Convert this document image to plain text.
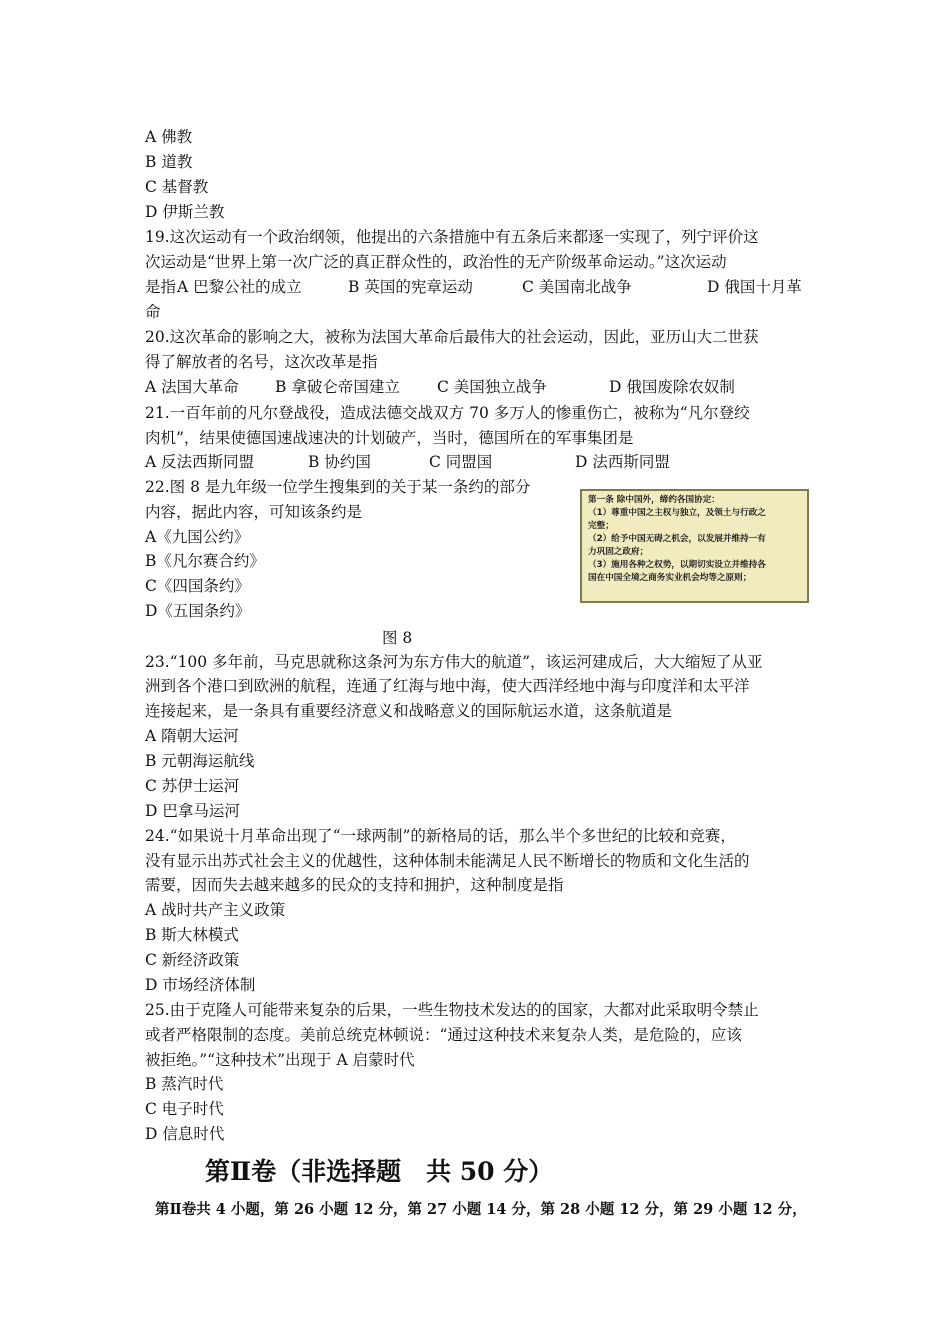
A 佛教
B 道教
C 基督教
D 伊斯兰教
19.这次运动有一个政治纲领，他提出的六条措施中有五条后来都逐一实现了，列宁评价这
次运动是“世界上第一次广泛的真正群众性的，政治性的无产阶级革命运动。”这次运动
是指 A 巴黎公社的成立	B 英国的宪章运动	C 美国南北战争	D 俄国十月革
命
20.这次革命的影响之大，被称为法国大革命后最伟大的社会运动，因此，亚历山大二世获
得了解放者的名号，这次改革是指
A 法国大革命 B 拿破仑帝国建立 C 美国独立战争	D 俄国废除农奴制
21.一百年前的凡尔登战役，造成法德交战双方 70 多万人的惨重伤亡，被称为“凡尔登绞
肉机”，结果使德国速战速决的计划破产，当时，德国所在的军事集团是
A 反法西斯同盟	B 协约国	C 同盟国	D 法西斯同盟
22.图 8 是九年级一位学生搜集到的关于某一条约的部分
内容，据此内容，可知该条约是
A《九国公约》
B《凡尔赛合约》
C《四国条约》
D《五国条约》
第一条 除中国外，缔约各国协定：
（1）尊重中国之主权与独立，及领土与行政之
完整；
（2）给予中国无碍之机会，以发展并维持一有
力巩固之政府；
（3）施用各种之权势，以期切实设立并维持各
国在中国全境之商务实业机会均等之原则；
图 8
23.“100 多年前，马克思就称这条河为东方伟大的航道”，该运河建成后，大大缩短了从亚
洲到各个港口到欧洲的航程，连通了红海与地中海，使大西洋经地中海与印度洋和太平洋
连接起来，是一条具有重要经济意义和战略意义的国际航运水道，这条航道是
A 隋朝大运河
B 元朝海运航线
C 苏伊士运河
D 巴拿马运河
24.“如果说十月革命出现了“一球两制”的新格局的话，那么半个多世纪的比较和竞赛，
没有显示出苏式社会主义的优越性，这种体制未能满足人民不断增长的物质和文化生活的
需要，因而失去越来越多的民众的支持和拥护，这种制度是指
A 战时共产主义政策
B 斯大林模式
C 新经济政策
D 市场经济体制
25.由于克隆人可能带来复杂的后果，一些生物技术发达的的国家，大都对此采取明令禁止
或者严格限制的态度。美前总统克林顿说：“通过这种技术来复杂人类，是危险的，应该
被拒绝。”“这种技术”出现于 A 启蒙时代
B 蒸汽时代
C 电子时代
D 信息时代
第Ⅱ卷（非选择题　共 50 分）
第Ⅱ卷共 4 小题，第 26 小题 12 分，第 27 小题 14 分，第 28 小题 12 分，第 29 小题 12 分，
